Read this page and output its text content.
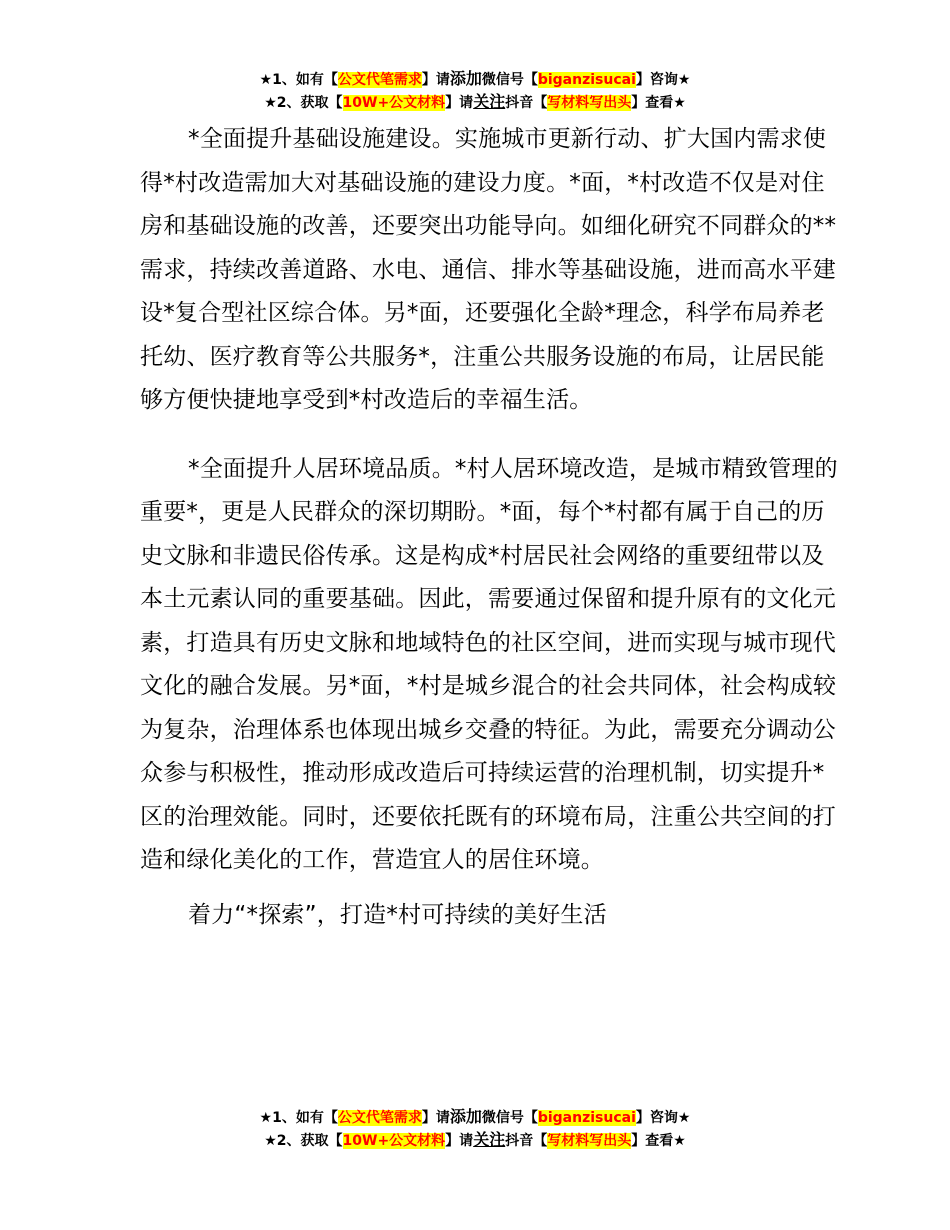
★1、如有【公文代笔需求】请添加微信号【biganzisucai】咨询★
★2、获取【10W+公文材料】请关注抖音【写材料写出头】查看★

*全面提升基础设施建设。实施城市更新行动、扩大国内需求使得*村改造需加大对基础设施的建设力度。*面，*村改造不仅是对住房和基础设施的改善，还要突出功能导向。如细化研究不同群众的**需求，持续改善道路、水电、通信、排水等基础设施，进而高水平建设*复合型社区综合体。另*面，还要强化全龄*理念，科学布局养老托幼、医疗教育等公共服务*，注重公共服务设施的布局，让居民能够方便快捷地享受到*村改造后的幸福生活。

*全面提升人居环境品质。*村人居环境改造，是城市精致管理的重要*，更是人民群众的深切期盼。*面，每个*村都有属于自己的历史文脉和非遗民俗传承。这是构成*村居民社会网络的重要纽带以及本土元素认同的重要基础。因此，需要通过保留和提升原有的文化元素，打造具有历史文脉和地域特色的社区空间，进而实现与城市现代文化的融合发展。另*面，*村是城乡混合的社会共同体，社会构成较为复杂，治理体系也体现出城乡交叠的特征。为此，需要充分调动公众参与积极性，推动形成改造后可持续运营的治理机制，切实提升*区的治理效能。同时，还要依托既有的环境布局，注重公共空间的打造和绿化美化的工作，营造宜人的居住环境。

着力“*探索”，打造*村可持续的美好生活

★1、如有【公文代笔需求】请添加微信号【biganzisucai】咨询★
★2、获取【10W+公文材料】请关注抖音【写材料写出头】查看★
